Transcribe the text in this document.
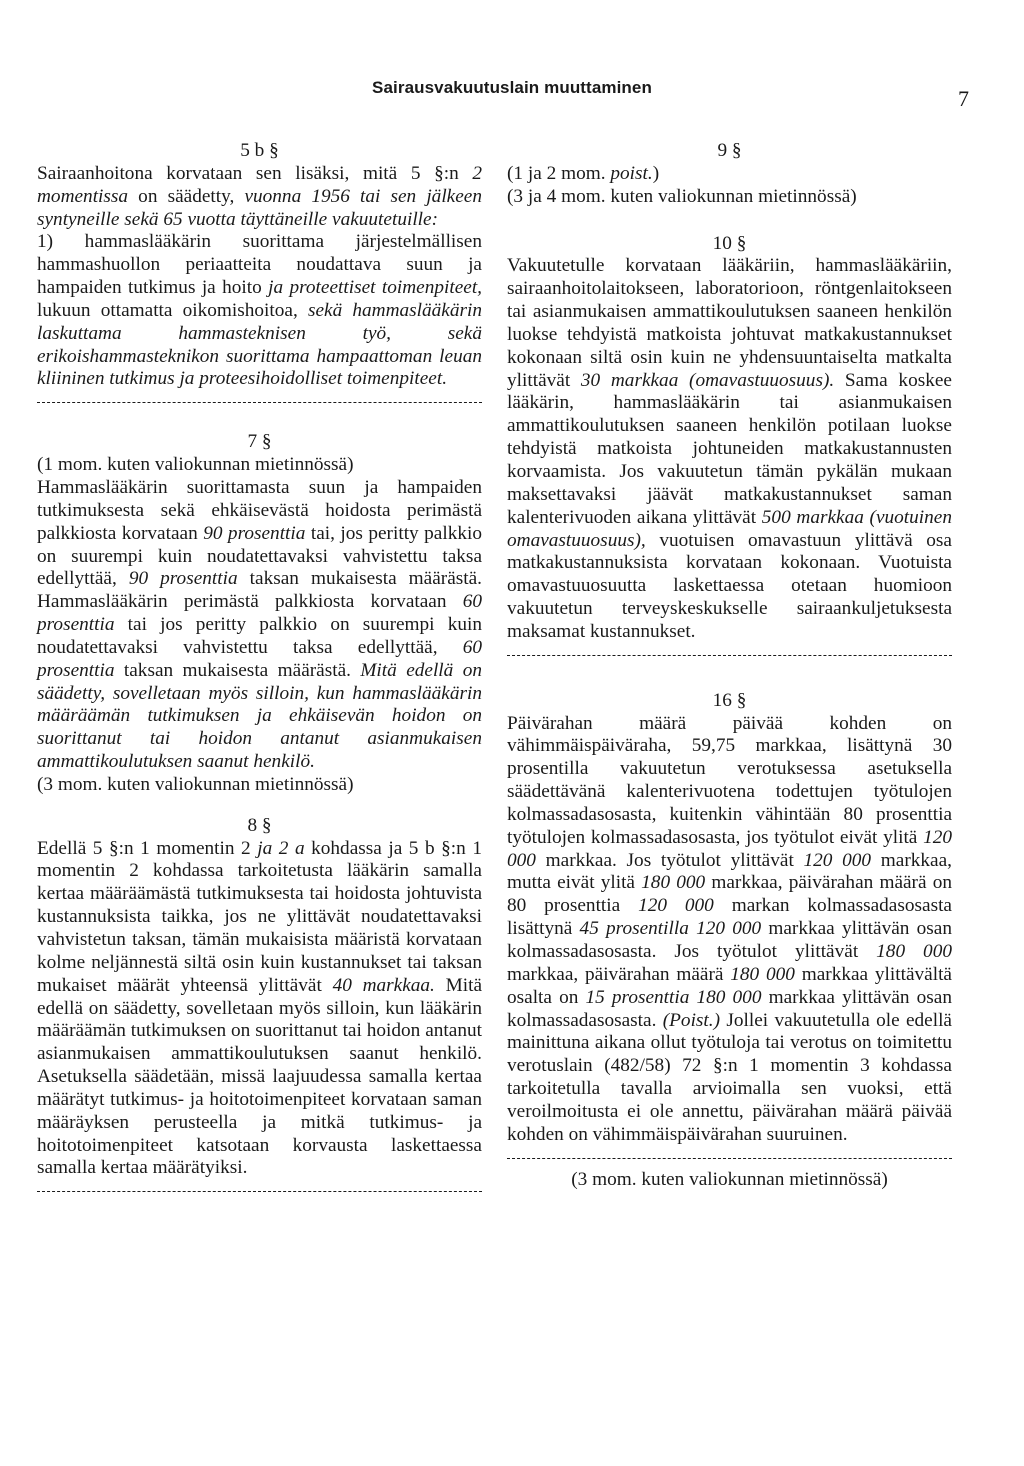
Sairausvakuutuslain muuttaminen	7

5 b §

Sairaanhoitona korvataan sen lisäksi, mitä 5 §:n 2 momentissa on säädetty, vuonna 1956 tai sen jälkeen syntyneille sekä 65 vuotta täyttäneille vakuutetuille:

1) hammaslääkärin suorittama järjestelmällisen hammashuollon periaatteita noudattava suun ja hampaiden tutkimus ja hoito ja proteettiset toimenpiteet, lukuun ottamatta oikomishoitoa, sekä hammaslääkärin laskuttama hammasteknisen työ, sekä erikoishammasteknikon suorittama hampaattoman leuan kliininen tutkimus ja proteesihoidolliset toimenpiteet.

7 §

(1 mom. kuten valiokunnan mietinnössä)

Hammaslääkärin suorittamasta suun ja hampaiden tutkimuksesta sekä ehkäisevästä hoidosta perimästä palkkiosta korvataan 90 prosenttia tai, jos peritty palkkio on suurempi kuin noudatettavaksi vahvistettu taksa edellyttää, 90 prosenttia taksan mukaisesta määrästä. Hammaslääkärin perimästä palkkiosta korvataan 60 prosenttia tai jos peritty palkkio on suurempi kuin noudatettavaksi vahvistettu taksa edellyttää, 60 prosenttia taksan mukaisesta määrästä. Mitä edellä on säädetty, sovelletaan myös silloin, kun hammaslääkärin määräämän tutkimuksen ja ehkäisevän hoidon on suorittanut tai hoidon antanut asianmukaisen ammattikoulutuksen saanut henkilö.

(3 mom. kuten valiokunnan mietinnössä)

8 §

Edellä 5 §:n 1 momentin 2 ja 2 a kohdassa ja 5 b §:n 1 momentin 2 kohdassa tarkoitetusta lääkärin samalla kertaa määräämästä tutkimuksesta tai hoidosta johtuvista kustannuksista taikka, jos ne ylittävät noudatettavaksi vahvistetun taksan, tämän mukaisista määristä korvataan kolme neljännestä siltä osin kuin kustannukset tai taksan mukaiset määrät yhteensä ylittävät 40 markkaa. Mitä edellä on säädetty, sovelletaan myös silloin, kun lääkärin määräämän tutkimuksen on suorittanut tai hoidon antanut asianmukaisen ammattikoulutuksen saanut henkilö. Asetuksella säädetään, missä laajuudessa samalla kertaa määrätyt tutkimus- ja hoitotoimenpiteet korvataan saman määräyksen perusteella ja mitkä tutkimus- ja hoitotoimenpiteet katsotaan korvausta laskettaessa samalla kertaa määrätyiksi.

9 §

(1 ja 2 mom. poist.)

(3 ja 4 mom. kuten valiokunnan mietinnössä)

10 §

Vakuutetulle korvataan lääkäriin, hammaslääkäriin, sairaanhoitolaitokseen, laboratorioon, röntgenlaitokseen tai asianmukaisen ammattikoulutuksen saaneen henkilön luokse tehdyistä matkoista johtuvat matkakustannukset kokonaan siltä osin kuin ne yhdensuuntaiselta matkalta ylittävät 30 markkaa (omavastuuosuus). Sama koskee lääkärin, hammaslääkärin tai asianmukaisen ammattikoulutuksen saaneen henkilön potilaan luokse tehdyistä matkoista johtuneiden matkakustannusten korvaamista. Jos vakuutetun tämän pykälän mukaan maksettavaksi jäävät matkakustannukset saman kalenterivuoden aikana ylittävät 500 markkaa (vuotuinen omavastuuosuus), vuotuisen omavastuun ylittävä osa matkakustannuksista korvataan kokonaan. Vuotuista omavastuuosuutta laskettaessa otetaan huomioon vakuutetun terveyskeskukselle sairaankuljetuksesta maksamat kustannukset.

16 §

Päivärahan määrä päivää kohden on vähimmäispäiväraha, 59,75 markkaa, lisättynä 30 prosentilla vakuutetun verotuksessa asetuksella säädettävänä kalenterivuotena todettujen työtulojen kolmassadasosasta, kuitenkin vähintään 80 prosenttia työtulojen kolmassadasosasta, jos työtulot eivät ylitä 120 000 markkaa. Jos työtulot ylittävät 120 000 markkaa, mutta eivät ylitä 180 000 markkaa, päivärahan määrä on 80 prosenttia 120 000 markan kolmassadasosasta lisättynä 45 prosentilla 120 000 markkaa ylittävän osan kolmassadasosasta. Jos työtulot ylittävät 180 000 markkaa, päivärahan määrä 180 000 markkaa ylittävältä osalta on 15 prosenttia 180 000 markkaa ylittävän osan kolmassadasosasta. (Poist.) Jollei vakuutetulla ole edellä mainittuna aikana ollut työtuloja tai verotus on toimitettu verotuslain (482/58) 72 §:n 1 momentin 3 kohdassa tarkoitetulla tavalla arvioimalla sen vuoksi, että veroilmoitusta ei ole annettu, päivärahan määrä päivää kohden on vähimmäispäivärahan suuruinen.

(3 mom. kuten valiokunnan mietinnössä)
